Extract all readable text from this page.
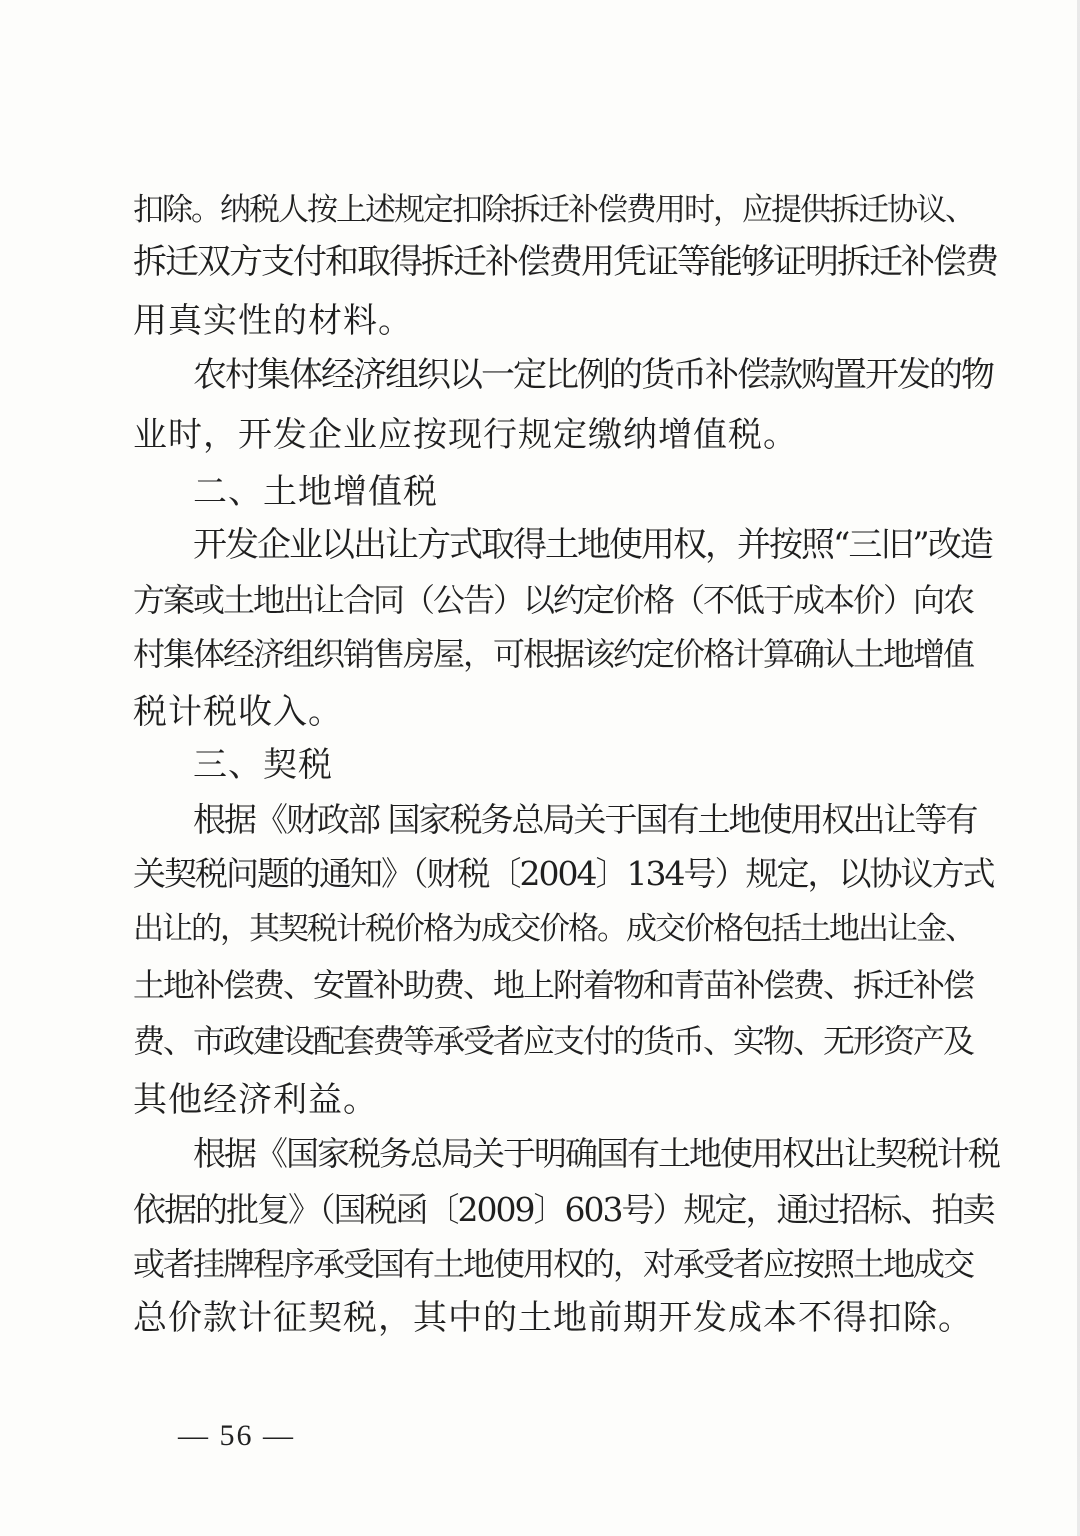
扣除。纳税人按上述规定扣除拆迁补偿费用时，应提供拆迁协议、
拆迁双方支付和取得拆迁补偿费用凭证等能够证明拆迁补偿费
用真实性的材料。
农村集体经济组织以一定比例的货币补偿款购置开发的物
业时，开发企业应按现行规定缴纳增值税。
二、土地增值税
开发企业以出让方式取得土地使用权，并按照“三旧”改造
方案或土地出让合同（公告）以约定价格（不低于成本价）向农
村集体经济组织销售房屋，可根据该约定价格计算确认土地增值
税计税收入。
三、契税
根据《财政部 国家税务总局关于国有土地使用权出让等有
关契税问题的通知》（财税〔2004〕134号）规定，以协议方式
出让的，其契税计税价格为成交价格。成交价格包括土地出让金、
土地补偿费、安置补助费、地上附着物和青苗补偿费、拆迁补偿
费、市政建设配套费等承受者应支付的货币、实物、无形资产及
其他经济利益。
根据《国家税务总局关于明确国有土地使用权出让契税计税
依据的批复》（国税函〔2009〕603号）规定，通过招标、拍卖
或者挂牌程序承受国有土地使用权的，对承受者应按照土地成交
总价款计征契税，其中的土地前期开发成本不得扣除。
— 56 —
